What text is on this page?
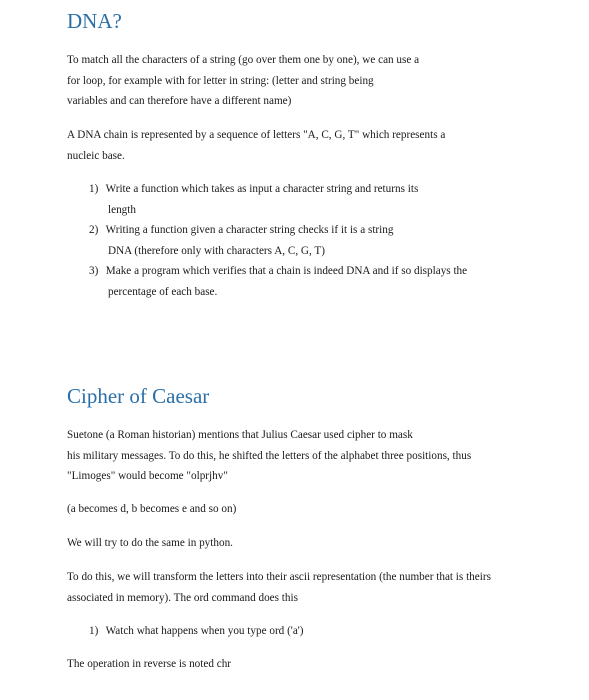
DNA?
To match all the characters of a string (go over them one by one), we can use a
for loop, for example with for letter in string: (letter and string being
variables and can therefore have a different name)
A DNA chain is represented by a sequence of letters "A, C, G, T" which represents a
nucleic base.
1) Write a function which takes as input a character string and returns its
length
2) Writing a function given a character string checks if it is a string
DNA (therefore only with characters A, C, G, T)
3) Make a program which verifies that a chain is indeed DNA and if so displays the
percentage of each base.
Cipher of Caesar
Suetone (a Roman historian) mentions that Julius Caesar used cipher to mask
his military messages. To do this, he shifted the letters of the alphabet three positions, thus
"Limoges" would become "olprjhv"
(a becomes d, b becomes e and so on)
We will try to do the same in python.
To do this, we will transform the letters into their ascii representation (the number that is theirs
associated in memory). The ord command does this
1) Watch what happens when you type ord ('a')
The operation in reverse is noted chr
